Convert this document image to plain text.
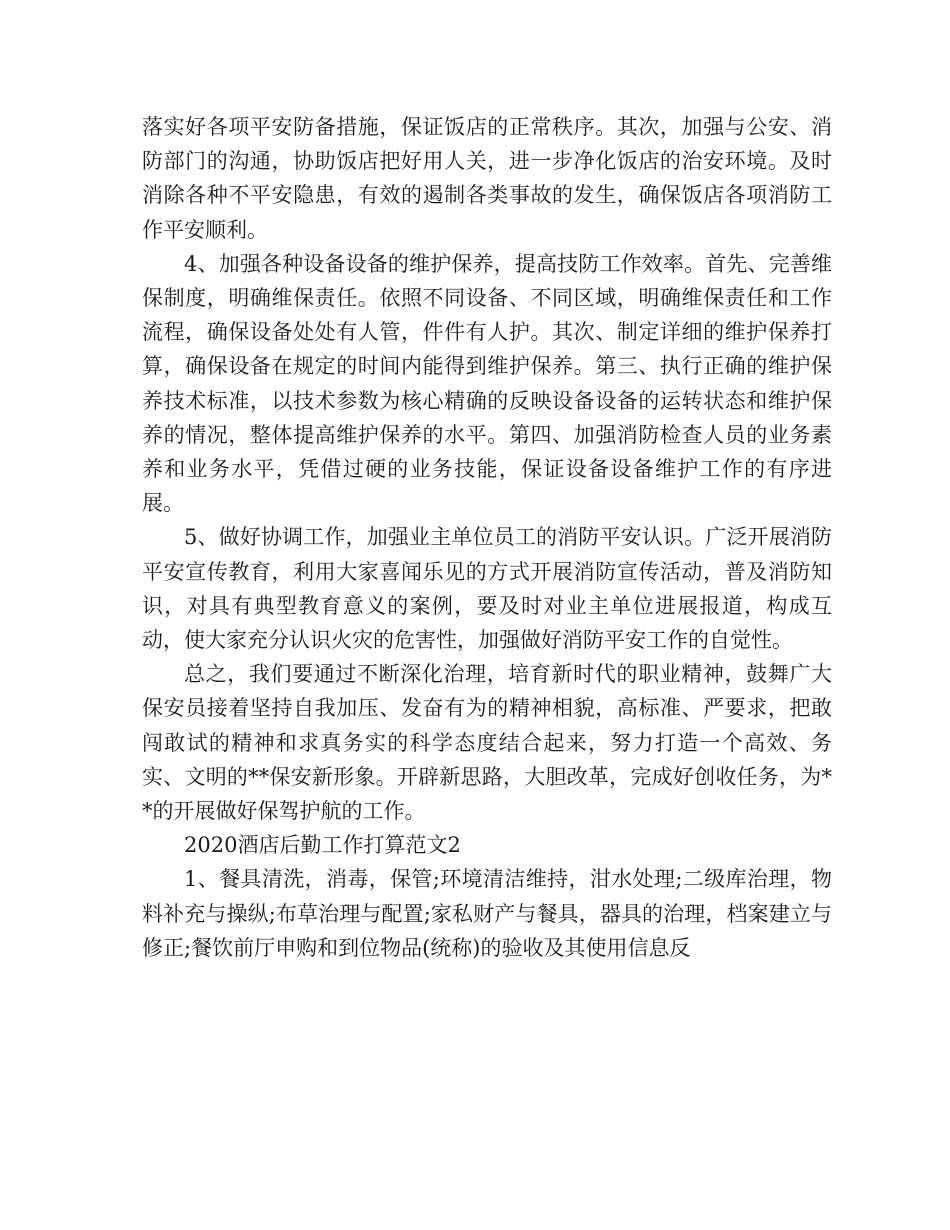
落实好各项平安防备措施，保证饭店的正常秩序。其次，加强与公安、消防部门的沟通，协助饭店把好用人关，进一步净化饭店的治安环境。及时消除各种不平安隐患，有效的遏制各类事故的发生，确保饭店各项消防工作平安顺利。

4、加强各种设备设备的维护保养，提高技防工作效率。首先、完善维保制度，明确维保责任。依照不同设备、不同区域，明确维保责任和工作流程，确保设备处处有人管，件件有人护。其次、制定详细的维护保养打算，确保设备在规定的时间内能得到维护保养。第三、执行正确的维护保养技术标准，以技术参数为核心精确的反映设备设备的运转状态和维护保养的情况，整体提高维护保养的水平。第四、加强消防检查人员的业务素养和业务水平，凭借过硬的业务技能，保证设备设备维护工作的有序进展。

5、做好协调工作，加强业主单位员工的消防平安认识。广泛开展消防平安宣传教育，利用大家喜闻乐见的方式开展消防宣传活动，普及消防知识，对具有典型教育意义的案例，要及时对业主单位进展报道，构成互动，使大家充分认识火灾的危害性，加强做好消防平安工作的自觉性。

总之，我们要通过不断深化治理，培育新时代的职业精神，鼓舞广大保安员接着坚持自我加压、发奋有为的精神相貌，高标准、严要求，把敢闯敢试的精神和求真务实的科学态度结合起来，努力打造一个高效、务实、文明的**保安新形象。开辟新思路，大胆改革，完成好创收任务，为**的开展做好保驾护航的工作。

2020酒店后勤工作打算范文2

1、餐具清洗，消毒，保管;环境清洁维持，泔水处理;二级库治理，物料补充与操纵;布草治理与配置;家私财产与餐具，器具的治理，档案建立与修正;餐饮前厅申购和到位物品(统称)的验收及其使用信息反
